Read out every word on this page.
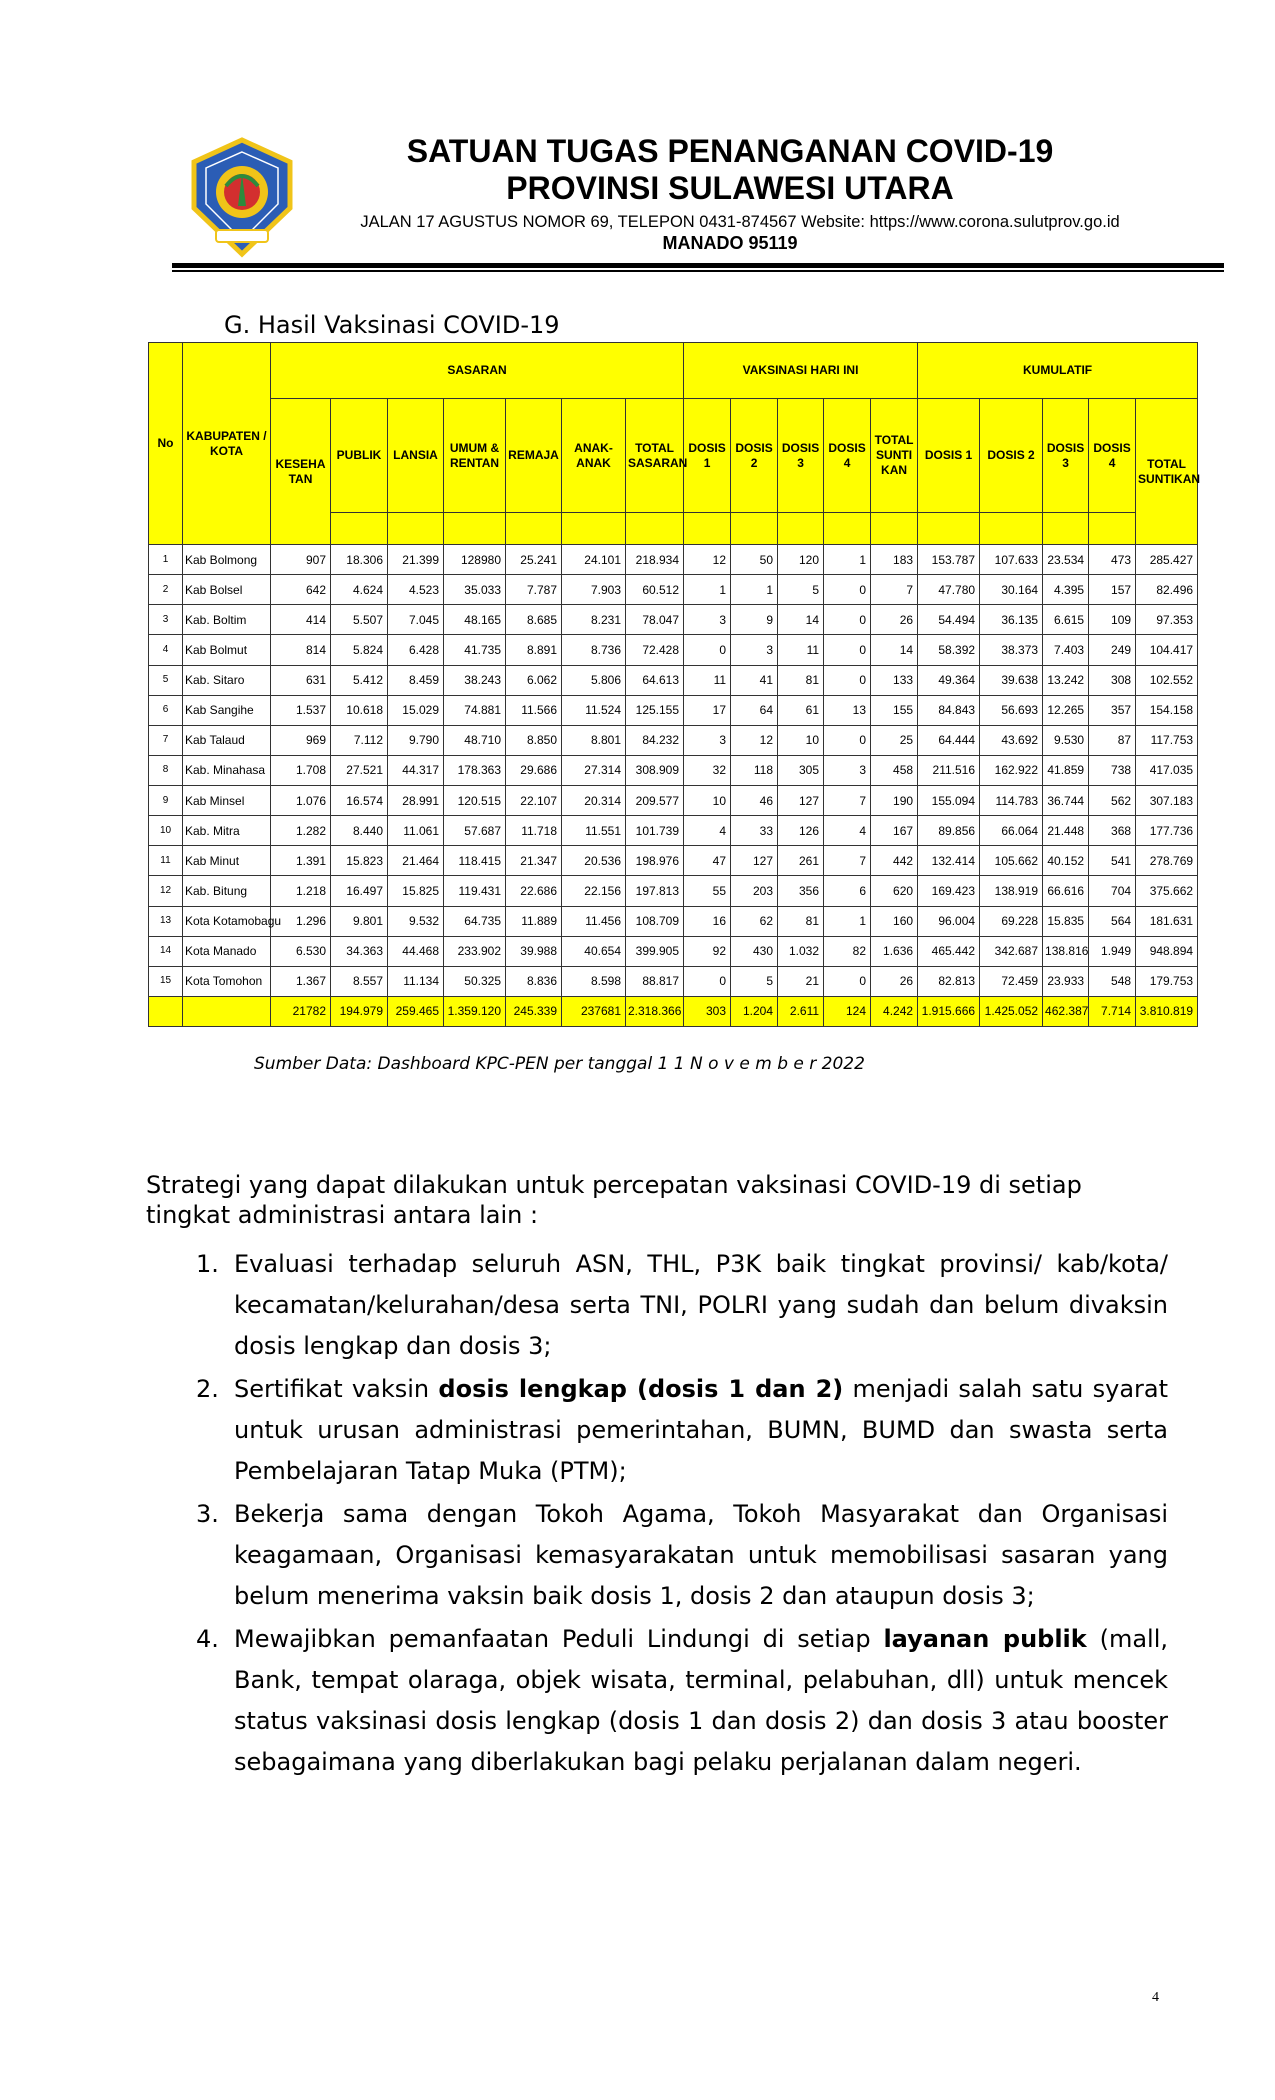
SATUAN TUGAS PENANGANAN COVID-19
PROVINSI SULAWESI UTARA
JALAN 17 AGUSTUS NOMOR 69, TELEPON 0431-874567 Website: https://www.corona.sulutprov.go.id
MANADO 95119
G. Hasil Vaksinasi COVID-19
No	KABUPATEN / KOTA	SASARAN							VAKSINASI HARI INI					KUMULATIF				
		KESEHATAN	PUBLIK	LANSIA	UMUM & RENTAN	REMAJA	ANAK-ANAK	TOTAL SASARAN	DOSIS 1	DOSIS 2	DOSIS 3	DOSIS 4	TOTAL SUNTIKAN	DOSIS 1	DOSIS 2	DOSIS 3	DOSIS 4	TOTAL SUNTIKAN

1	Kab Bolmong	907	18.306	21.399	128980	25.241	24.101	218.934	12	50	120	1	183	153.787	107.633	23.534	473	285.427
2	Kab Bolsel	642	4.624	4.523	35.033	7.787	7.903	60.512	1	1	5	0	7	47.780	30.164	4.395	157	82.496
3	Kab. Boltim	414	5.507	7.045	48.165	8.685	8.231	78.047	3	9	14	0	26	54.494	36.135	6.615	109	97.353
4	Kab Bolmut	814	5.824	6.428	41.735	8.891	8.736	72.428	0	3	11	0	14	58.392	38.373	7.403	249	104.417
5	Kab. Sitaro	631	5.412	8.459	38.243	6.062	5.806	64.613	11	41	81	0	133	49.364	39.638	13.242	308	102.552
6	Kab Sangihe	1.537	10.618	15.029	74.881	11.566	11.524	125.155	17	64	61	13	155	84.843	56.693	12.265	357	154.158
7	Kab Talaud	969	7.112	9.790	48.710	8.850	8.801	84.232	3	12	10	0	25	64.444	43.692	9.530	87	117.753
8	Kab. Minahasa	1.708	27.521	44.317	178.363	29.686	27.314	308.909	32	118	305	3	458	211.516	162.922	41.859	738	417.035
9	Kab Minsel	1.076	16.574	28.991	120.515	22.107	20.314	209.577	10	46	127	7	190	155.094	114.783	36.744	562	307.183
10	Kab. Mitra	1.282	8.440	11.061	57.687	11.718	11.551	101.739	4	33	126	4	167	89.856	66.064	21.448	368	177.736
11	Kab Minut	1.391	15.823	21.464	118.415	21.347	20.536	198.976	47	127	261	7	442	132.414	105.662	40.152	541	278.769
12	Kab. Bitung	1.218	16.497	15.825	119.431	22.686	22.156	197.813	55	203	356	6	620	169.423	138.919	66.616	704	375.662
13	Kota Kotamobagu	1.296	9.801	9.532	64.735	11.889	11.456	108.709	16	62	81	1	160	96.004	69.228	15.835	564	181.631
14	Kota Manado	6.530	34.363	44.468	233.902	39.988	40.654	399.905	92	430	1.032	82	1.636	465.442	342.687	138.816	1.949	948.894
15	Kota Tomohon	1.367	8.557	11.134	50.325	8.836	8.598	88.817	0	5	21	0	26	82.813	72.459	23.933	548	179.753
		21782	194.979	259.465	1.359.120	245.339	237681	2.318.366	303	1.204	2.611	124	4.242	1.915.666	1.425.052	462.387	7.714	3.810.819
Sumber Data: Dashboard KPC-PEN per tanggal 1 1 N o v e m b e r 2022
Strategi yang dapat dilakukan untuk percepatan vaksinasi COVID-19 di setiap tingkat administrasi antara lain :
1. Evaluasi terhadap seluruh ASN, THL, P3K baik tingkat provinsi/ kab/kota/ kecamatan/kelurahan/desa serta TNI, POLRI yang sudah dan belum divaksin dosis lengkap dan dosis 3;
2. Sertifikat vaksin dosis lengkap (dosis 1 dan 2) menjadi salah satu syarat untuk urusan administrasi pemerintahan, BUMN, BUMD dan swasta serta Pembelajaran Tatap Muka (PTM);
3. Bekerja sama dengan Tokoh Agama, Tokoh Masyarakat dan Organisasi keagamaan, Organisasi kemasyarakatan untuk memobilisasi sasaran yang belum menerima vaksin baik dosis 1, dosis 2 dan ataupun dosis 3;
4. Mewajibkan pemanfaatan Peduli Lindungi di setiap layanan publik (mall, Bank, tempat olaraga, objek wisata, terminal, pelabuhan, dll) untuk mencek status vaksinasi dosis lengkap (dosis 1 dan dosis 2) dan dosis 3 atau booster sebagaimana yang diberlakukan bagi pelaku perjalanan dalam negeri.
4
